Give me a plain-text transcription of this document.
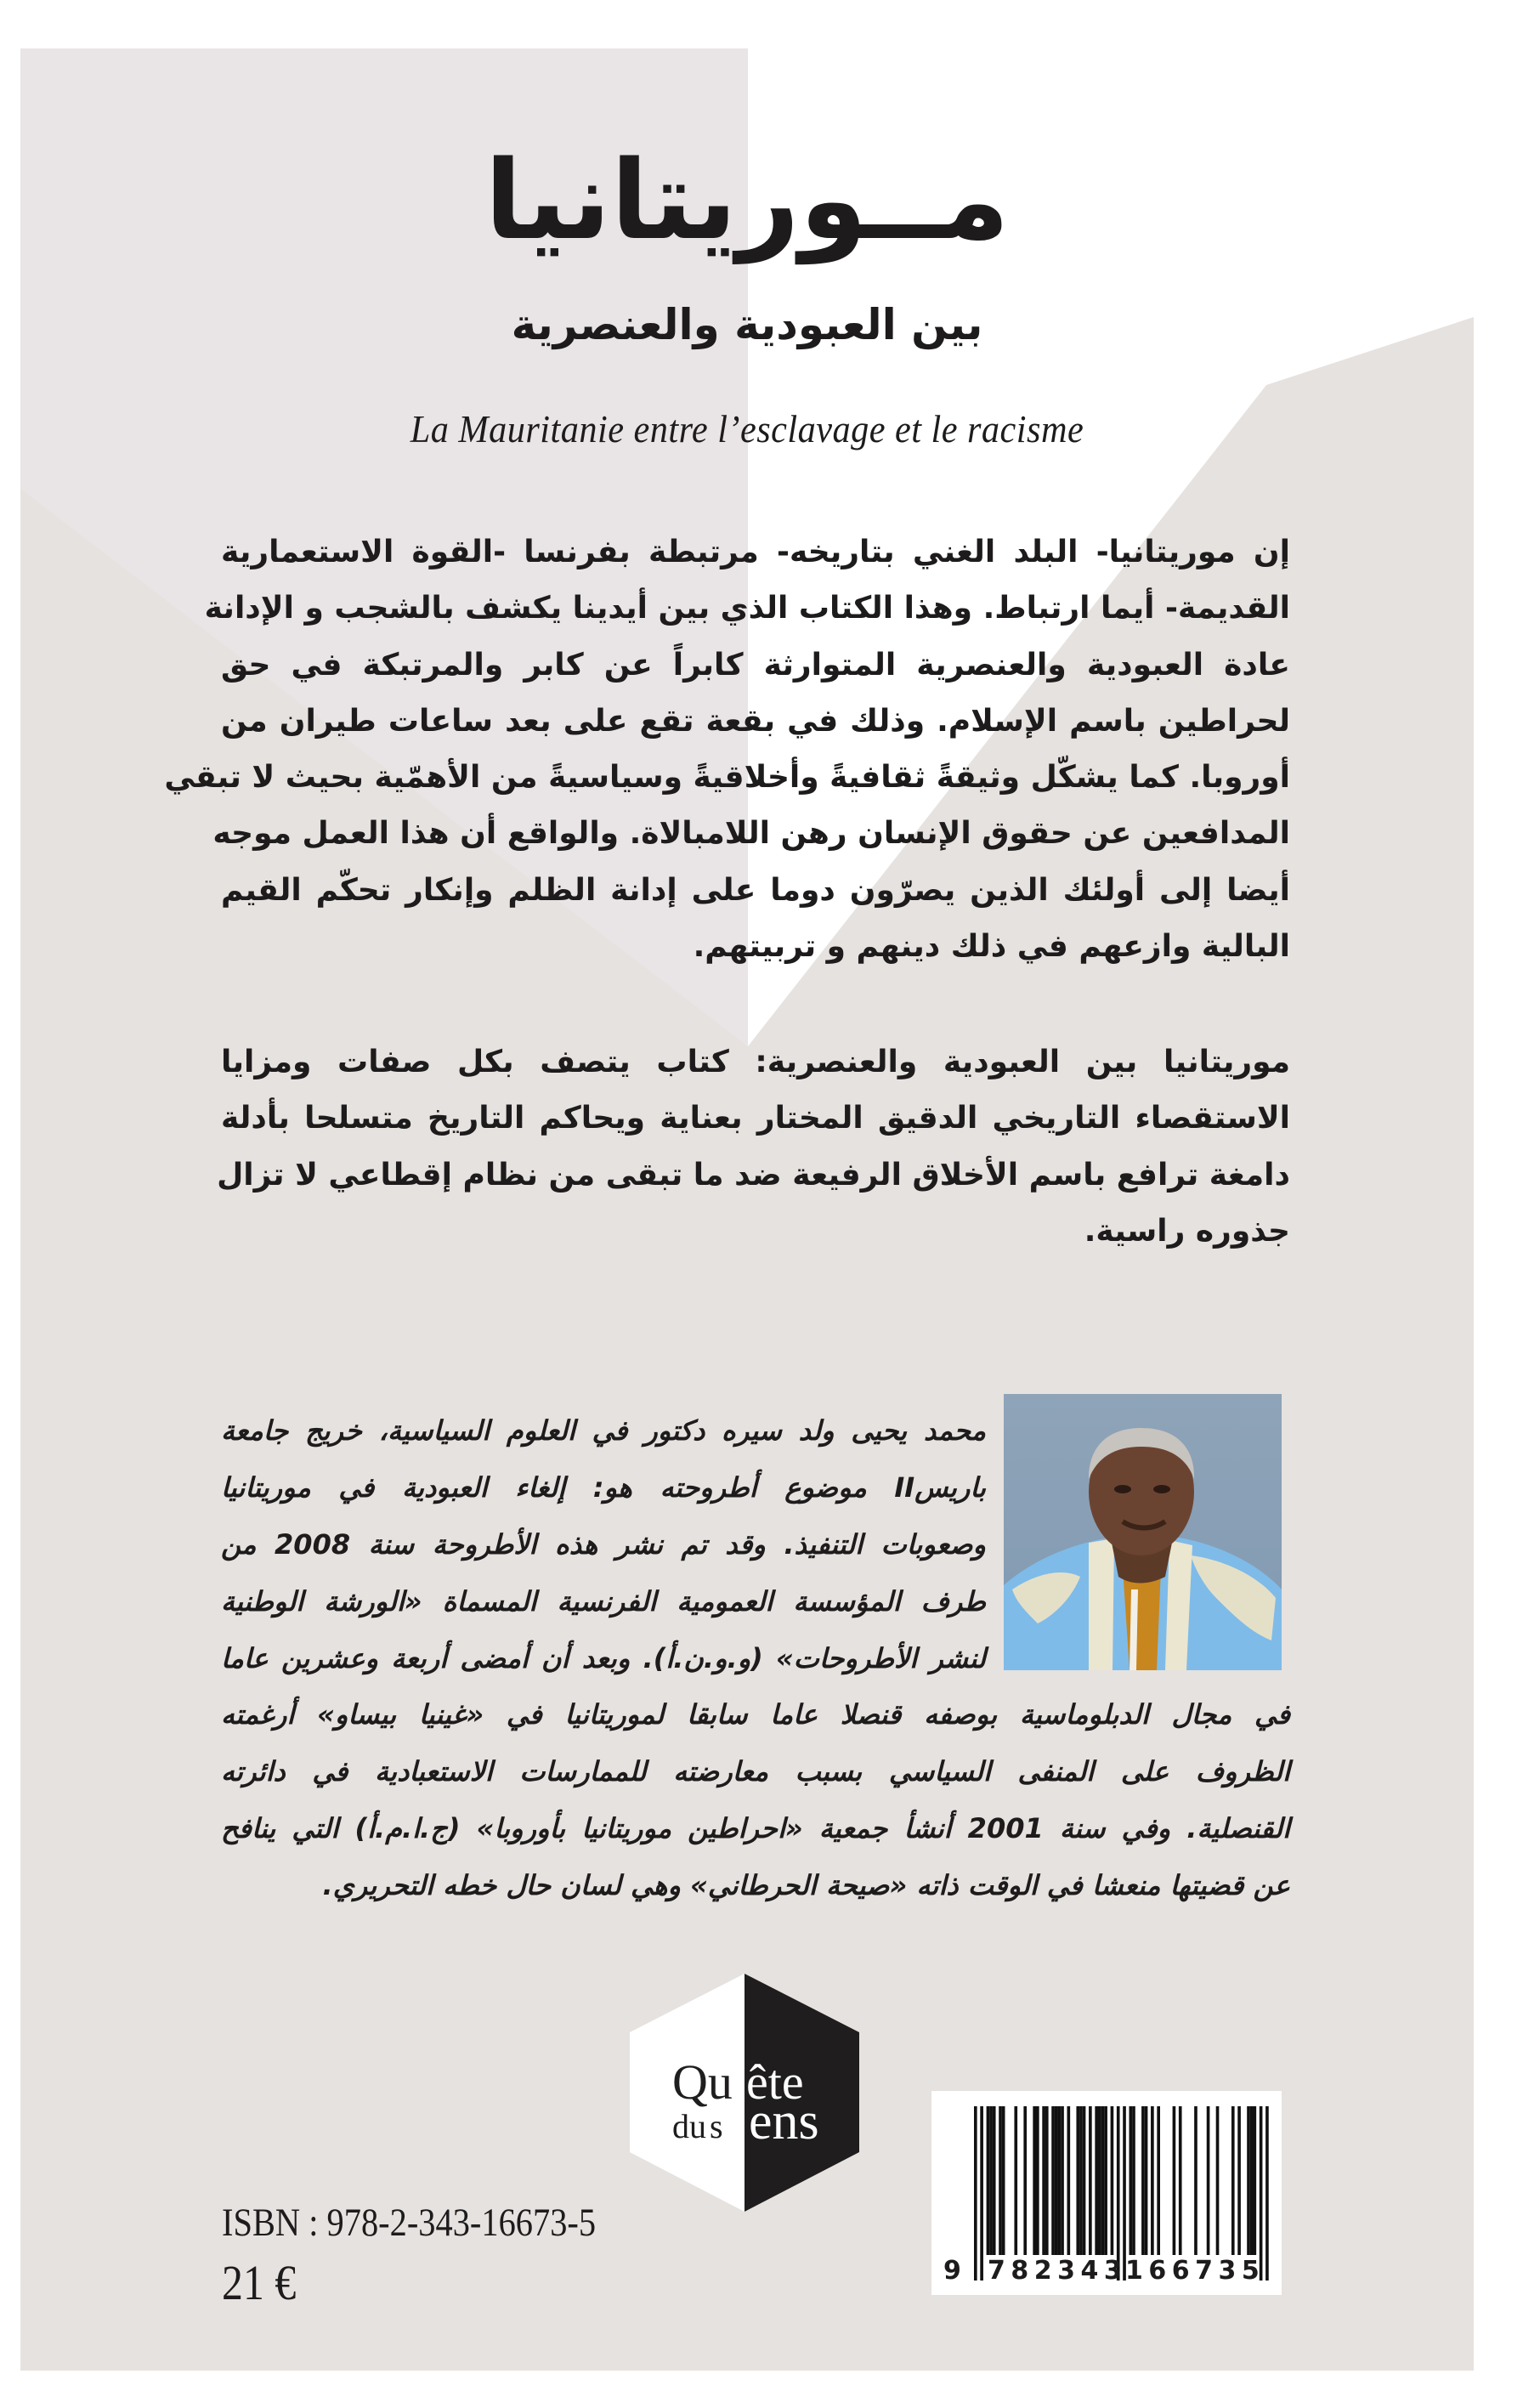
مــوريتانيا
بين العبودية والعنصرية
La Mauritanie entre l’esclavage et le racisme
إن موريتانيا- البلد الغني بتاريخه- مرتبطة بفرنسا -القوة الاستعمارية
القديمة- أيما ارتباط. وهذا الكتاب الذي بين أيدينا يكشف بالشجب و الإدانة
عادة العبودية والعنصرية المتوارثة كابراً عن كابر والمرتبكة في حق
لحراطين باسم الإسلام. وذلك في بقعة تقع على بعد ساعات طيران من
أوروبا. كما يشكّل وثيقةً ثقافيةً وأخلاقيةً وسياسيةً من الأهمّية بحيث لا تبقي
المدافعين عن حقوق الإنسان رهن اللامبالاة. والواقع أن هذا العمل موجه
أيضا إلى أولئك الذين يصرّون دوما على إدانة الظلم وإنكار تحكّم القيم
البالية وازعهم في ذلك دينهم و تربيتهم.
موريتانيا بين العبودية والعنصرية: كتاب يتصف بكل صفات ومزايا
الاستقصاء التاريخي الدقيق المختار بعناية ويحاكم التاريخ متسلحا بأدلة
دامغة ترافع باسم الأخلاق الرفيعة ضد ما تبقى من نظام إقطاعي لا تزال
جذوره راسية.
محمد يحيى ولد سيره دكتور في العلوم السياسية، خريج جامعة
باريسII موضوع أطروحته هو: إلغاء العبودية في موريتانيا
وصعوبات التنفيذ. وقد تم نشر هذه الأطروحة سنة 2008 من
طرف المؤسسة العمومية الفرنسية المسماة «الورشة الوطنية
لنشر الأطروحات» (و.و.ن.أ). وبعد أن أمضى أربعة وعشرين عاما
في مجال الدبلوماسية بوصفه قنصلا عاما سابقا لموريتانيا في «غينيا بيساو» أرغمته
الظروف على المنفى السياسي بسبب معارضته للممارسات الاستعبادية في دائرته
القنصلية. وفي سنة 2001 أنشأ جمعية «احراطين موريتانيا بأوروبا» (ج.ا.م.أ) التي ينافح
عن قضيتها منعشا في الوقت ذاته «صيحة الحرطاني» وهي لسان حال خطه التحريري.
Qu ête
du s ens
ISBN : 978-2-343-16673-5
21 €	9 782343
166735
